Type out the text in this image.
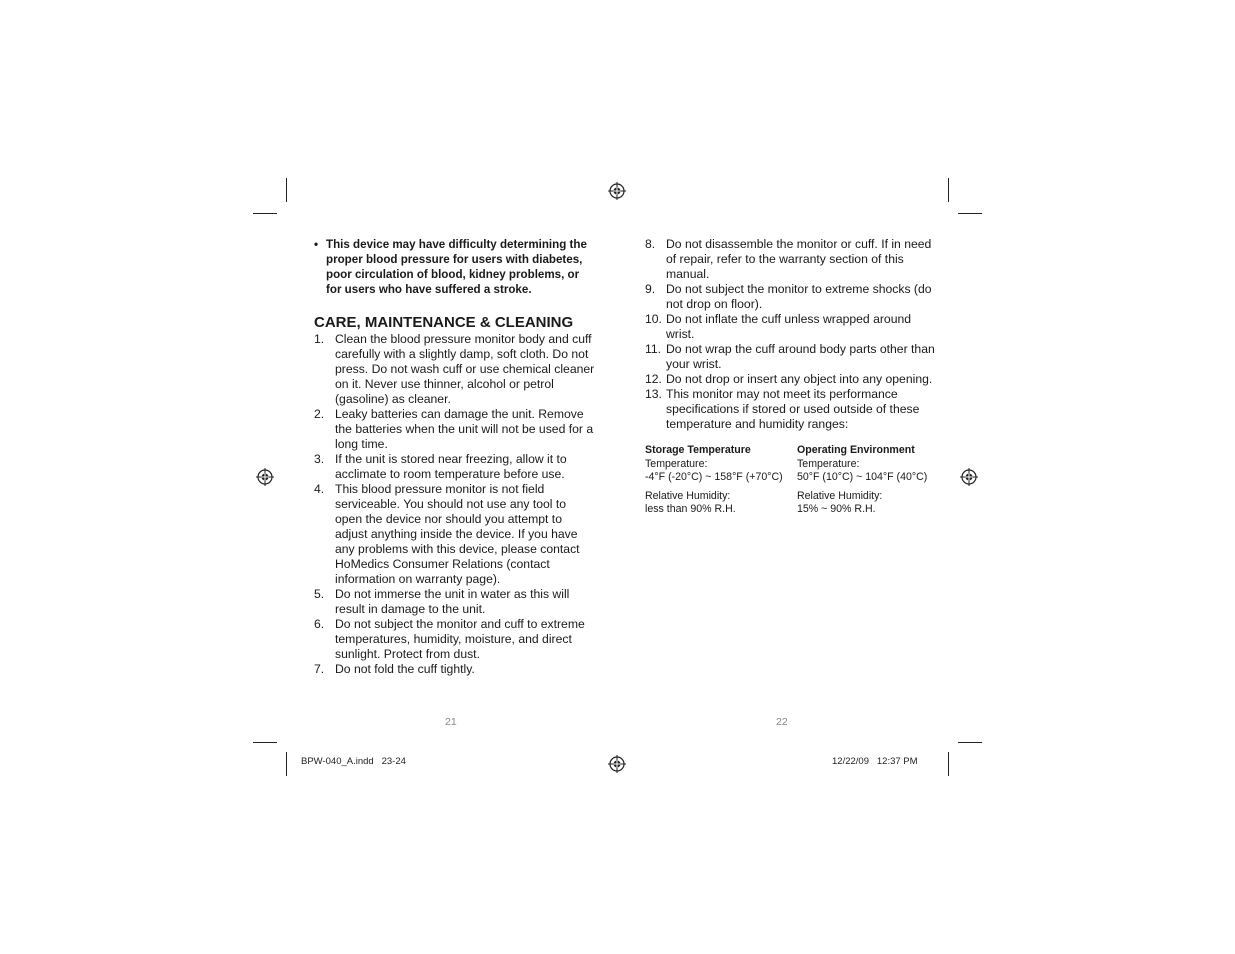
• This device may have difficulty determining the proper blood pressure for users with diabetes, poor circulation of blood, kidney problems, or for users who have suffered a stroke.
CARE, MAINTENANCE & CLEANING
1. Clean the blood pressure monitor body and cuff carefully with a slightly damp, soft cloth. Do not press. Do not wash cuff or use chemical cleaner on it. Never use thinner, alcohol or petrol (gasoline) as cleaner.
2. Leaky batteries can damage the unit. Remove the batteries when the unit will not be used for a long time.
3. If the unit is stored near freezing, allow it to acclimate to room temperature before use.
4. This blood pressure monitor is not field serviceable. You should not use any tool to open the device nor should you attempt to adjust anything inside the device. If you have any problems with this device, please contact HoMedics Consumer Relations (contact information on warranty page).
5. Do not immerse the unit in water as this will result in damage to the unit.
6. Do not subject the monitor and cuff to extreme temperatures, humidity, moisture, and direct sunlight. Protect from dust.
7. Do not fold the cuff tightly.
8. Do not disassemble the monitor or cuff. If in need of repair, refer to the warranty section of this manual.
9. Do not subject the monitor to extreme shocks (do not drop on floor).
10. Do not inflate the cuff unless wrapped around wrist.
11. Do not wrap the cuff around body parts other than your wrist.
12. Do not drop or insert any object into any opening.
13. This monitor may not meet its performance specifications if stored or used outside of these temperature and humidity ranges:
Storage Temperature
Temperature:
-4°F (-20°C) ~ 158°F (+70°C)
Relative Humidity:
less than 90% R.H.
Operating Environment
Temperature:
50°F (10°C) ~ 104°F (40°C)
Relative Humidity:
15% ~ 90% R.H.
21	22
BPW-040_A.indd   23-24	12/22/09   12:37 PM
